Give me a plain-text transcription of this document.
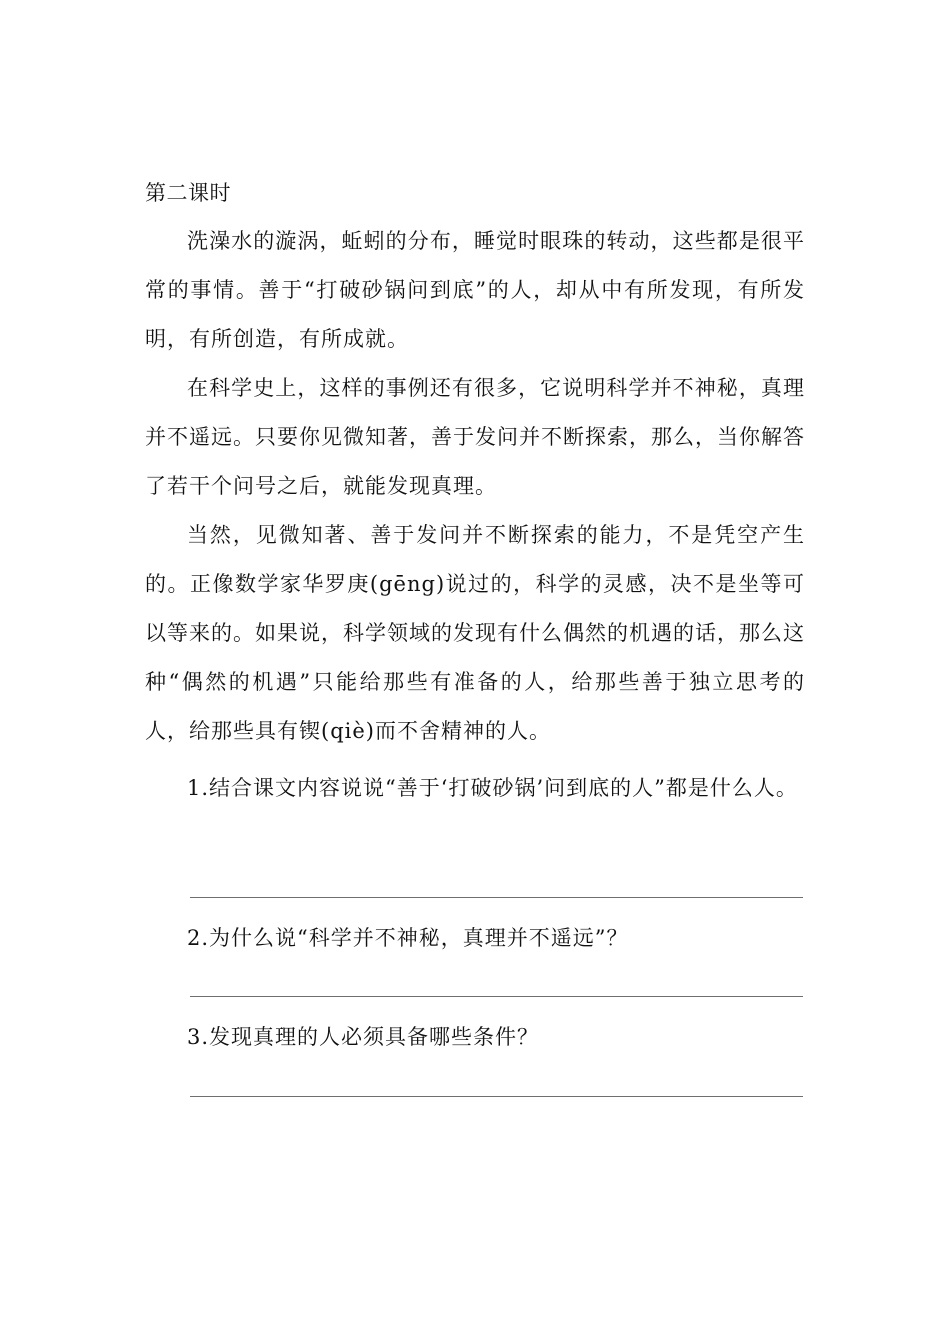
第二课时

洗澡水的漩涡，蚯蚓的分布，睡觉时眼珠的转动，这些都是很平常的事情。善于“打破砂锅问到底”的人，却从中有所发现，有所发明，有所创造，有所成就。

在科学史上，这样的事例还有很多，它说明科学并不神秘，真理并不遥远。只要你见微知著，善于发问并不断探索，那么，当你解答了若干个问号之后，就能发现真理。

当然，见微知著、善于发问并不断探索的能力，不是凭空产生的。正像数学家华罗庚(gēng)说过的，科学的灵感，决不是坐等可以等来的。如果说，科学领域的发现有什么偶然的机遇的话，那么这种“偶然的机遇”只能给那些有准备的人，给那些善于独立思考的人，给那些具有锲(qiè)而不舍精神的人。

1.结合课文内容说说“善于‘打破砂锅’问到底的人”都是什么人。

2.为什么说“科学并不神秘，真理并不遥远”？

3.发现真理的人必须具备哪些条件？
